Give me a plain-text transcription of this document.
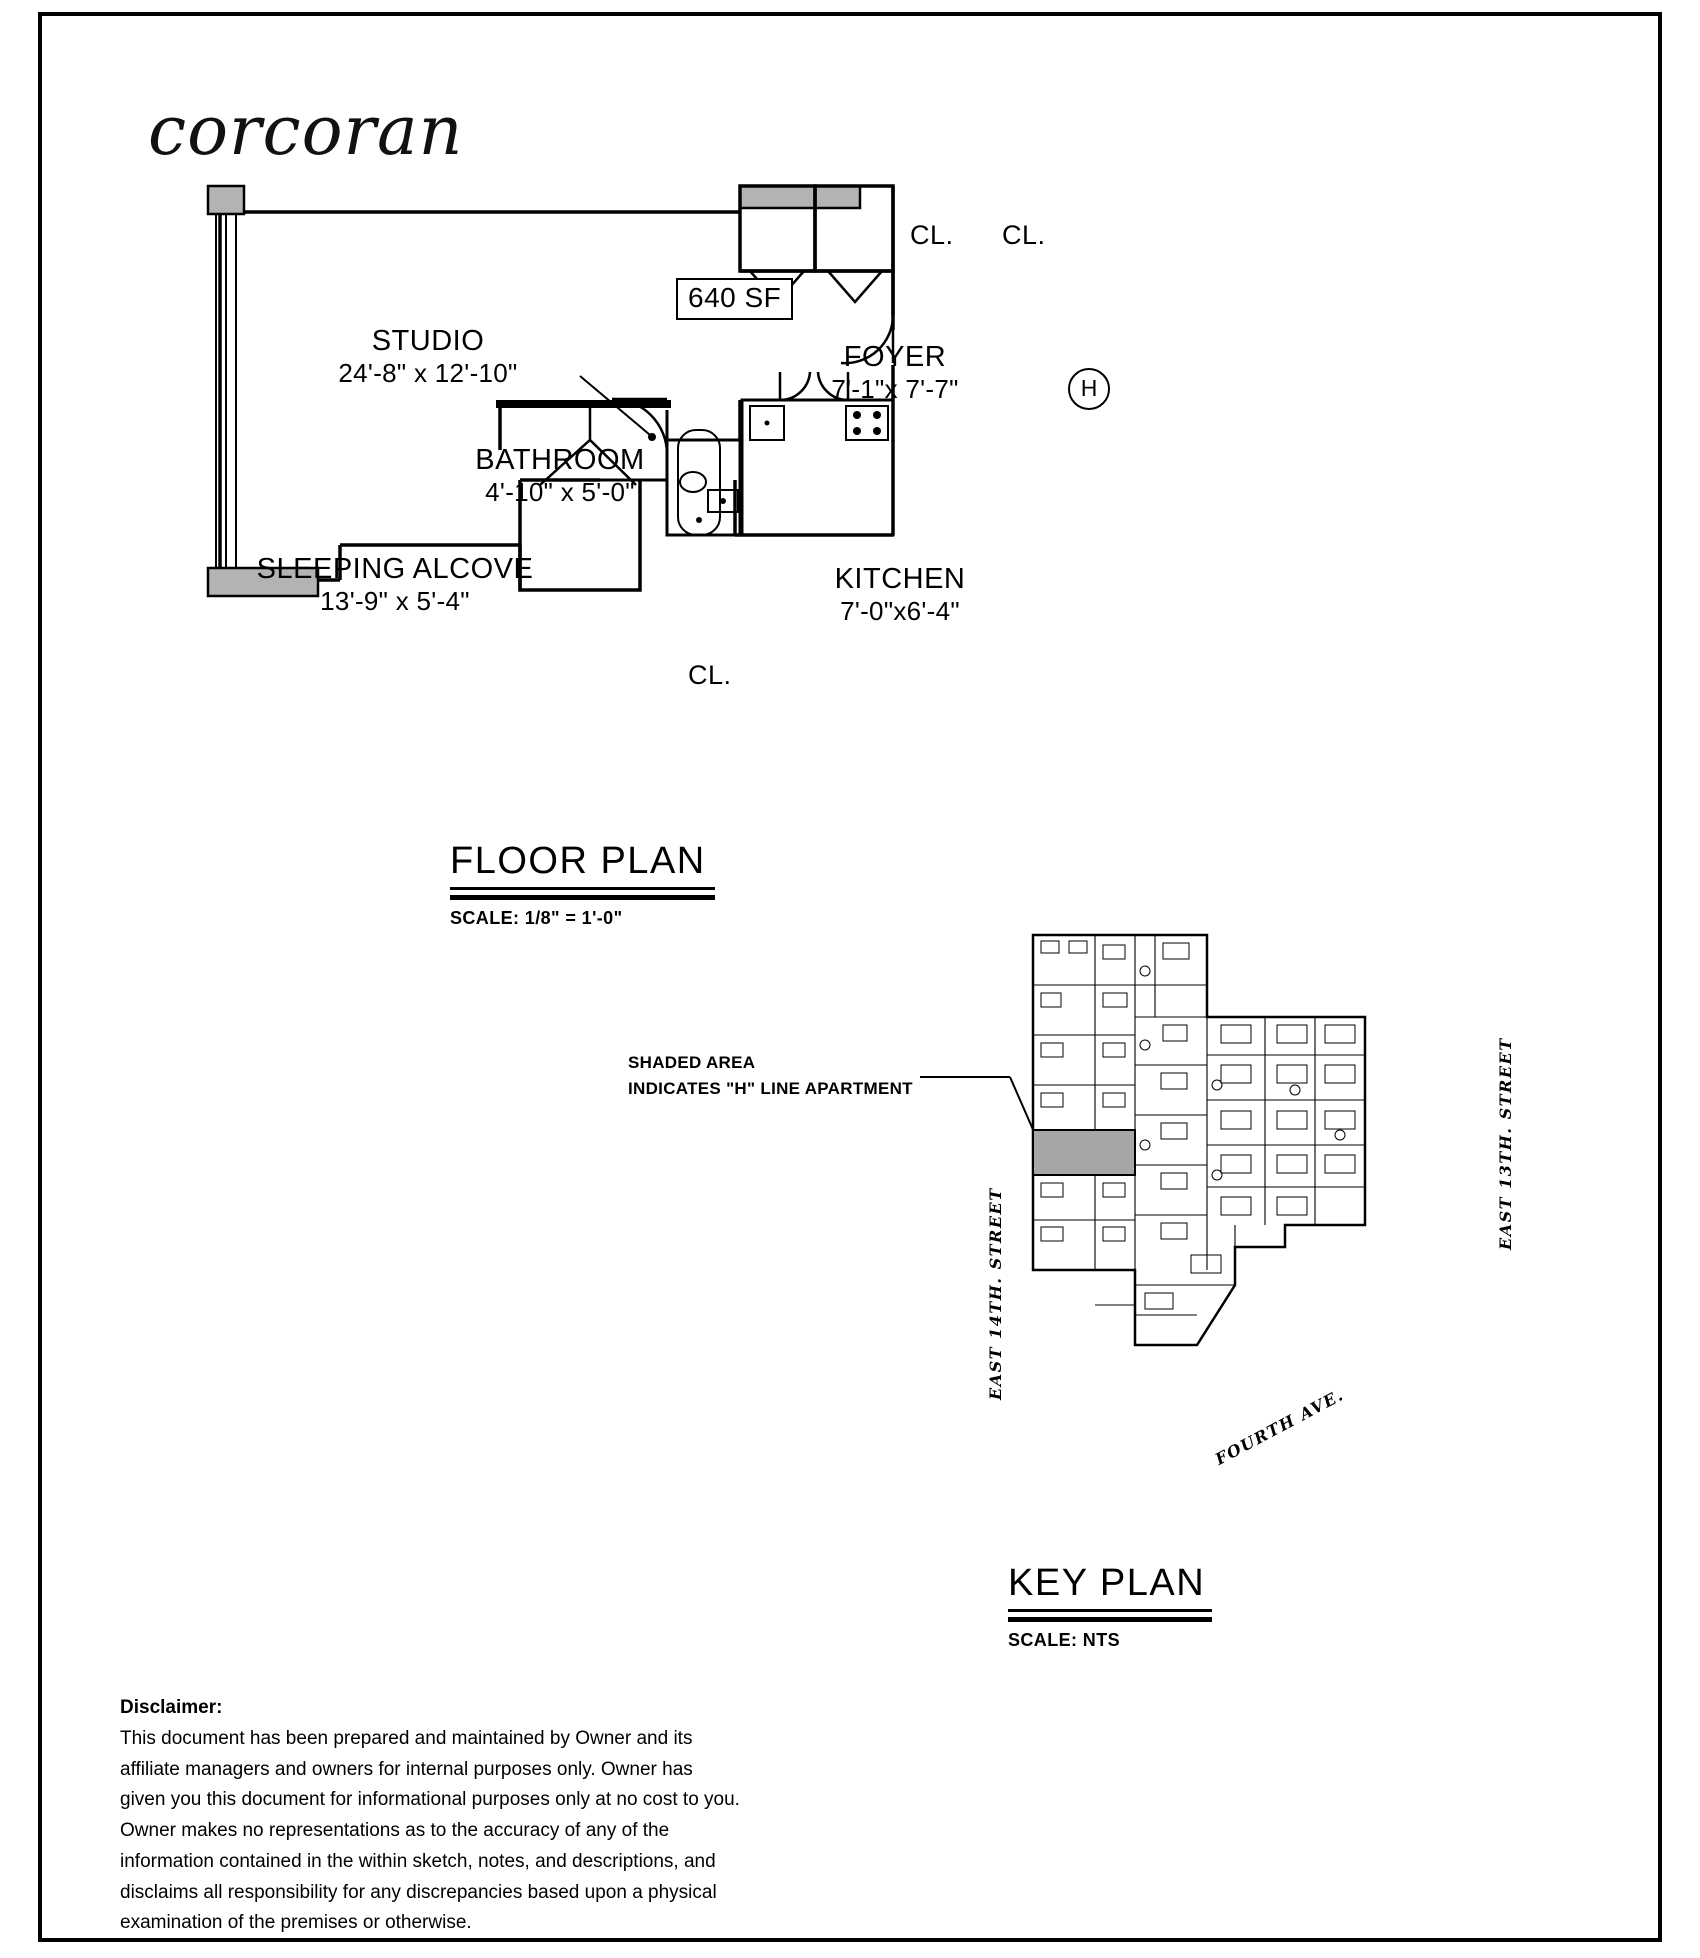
corcoran
640 SF
STUDIO
24'-8" x 12'-10"
FOYER
7'-1"x 7'-7"
BATHROOM
4'-10" x 5'-0"
SLEEPING ALCOVE
13'-9" x 5'-4"
KITCHEN
7'-0"x6'-4"
CL. CL.
CL.
H
FLOOR PLAN
SCALE: 1/8" = 1'-0"
SHADED AREA
INDICATES "H" LINE APARTMENT
EAST 14TH. STREET
EAST 13TH. STREET
FOURTH AVE.
KEY PLAN
SCALE: NTS
Disclaimer:
This document has been prepared and maintained by Owner and its
affiliate managers and owners for internal purposes only. Owner has
given you this document for informational purposes only at no cost to you.
Owner makes no representations as to the accuracy of any of the
information contained in the within sketch, notes, and descriptions, and
disclaims all responsibility for any discrepancies based upon a physical
examination of the premises or otherwise.
